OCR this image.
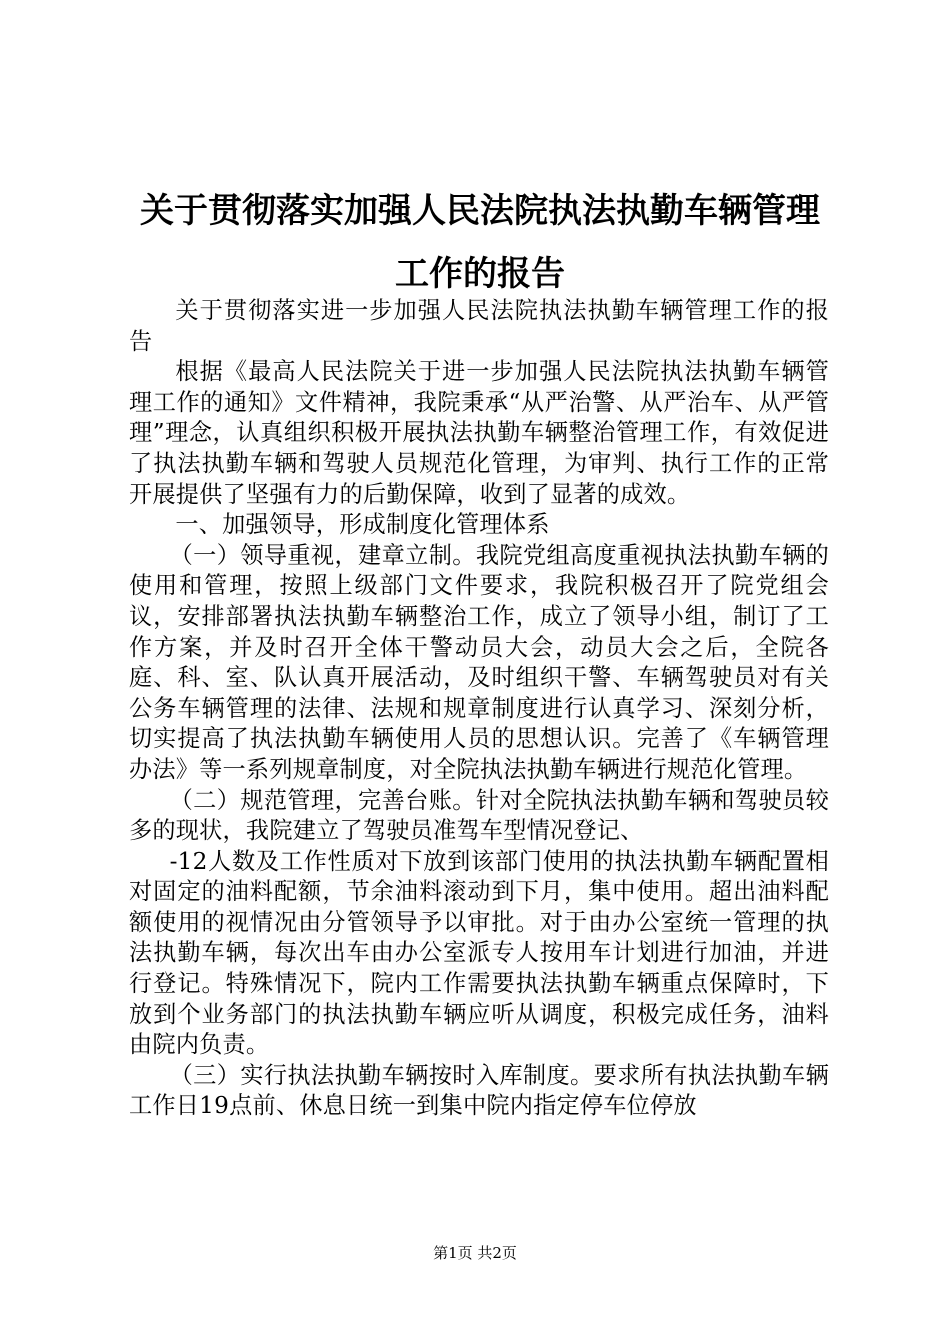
关于贯彻落实加强人民法院执法执勤车辆管理
工作的报告

关于贯彻落实进一步加强人民法院执法执勤车辆管理工作的报告

根据《最高人民法院关于进一步加强人民法院执法执勤车辆管理工作的通知》文件精神，我院秉承“从严治警、从严治车、从严管理”理念，认真组织积极开展执法执勤车辆整治管理工作，有效促进了执法执勤车辆和驾驶人员规范化管理，为审判、执行工作的正常开展提供了坚强有力的后勤保障，收到了显著的成效。

一、加强领导，形成制度化管理体系

（一）领导重视，建章立制。我院党组高度重视执法执勤车辆的使用和管理，按照上级部门文件要求，我院积极召开了院党组会议，安排部署执法执勤车辆整治工作，成立了领导小组，制订了工作方案，并及时召开全体干警动员大会，动员大会之后，全院各庭、科、室、队认真开展活动，及时组织干警、车辆驾驶员对有关公务车辆管理的法律、法规和规章制度进行认真学习、深刻分析，切实提高了执法执勤车辆使用人员的思想认识。完善了《车辆管理办法》等一系列规章制度，对全院执法执勤车辆进行规范化管理。

（二）规范管理，完善台账。针对全院执法执勤车辆和驾驶员较多的现状，我院建立了驾驶员准驾车型情况登记、

-12人数及工作性质对下放到该部门使用的执法执勤车辆配置相对固定的油料配额，节余油料滚动到下月，集中使用。超出油料配额使用的视情况由分管领导予以审批。对于由办公室统一管理的执法执勤车辆，每次出车由办公室派专人按用车计划进行加油，并进行登记。特殊情况下，院内工作需要执法执勤车辆重点保障时，下放到个业务部门的执法执勤车辆应听从调度，积极完成任务，油料由院内负责。

（三）实行执法执勤车辆按时入库制度。要求所有执法执勤车辆工作日19点前、休息日统一到集中院内指定停车位停放

第1页 共2页
